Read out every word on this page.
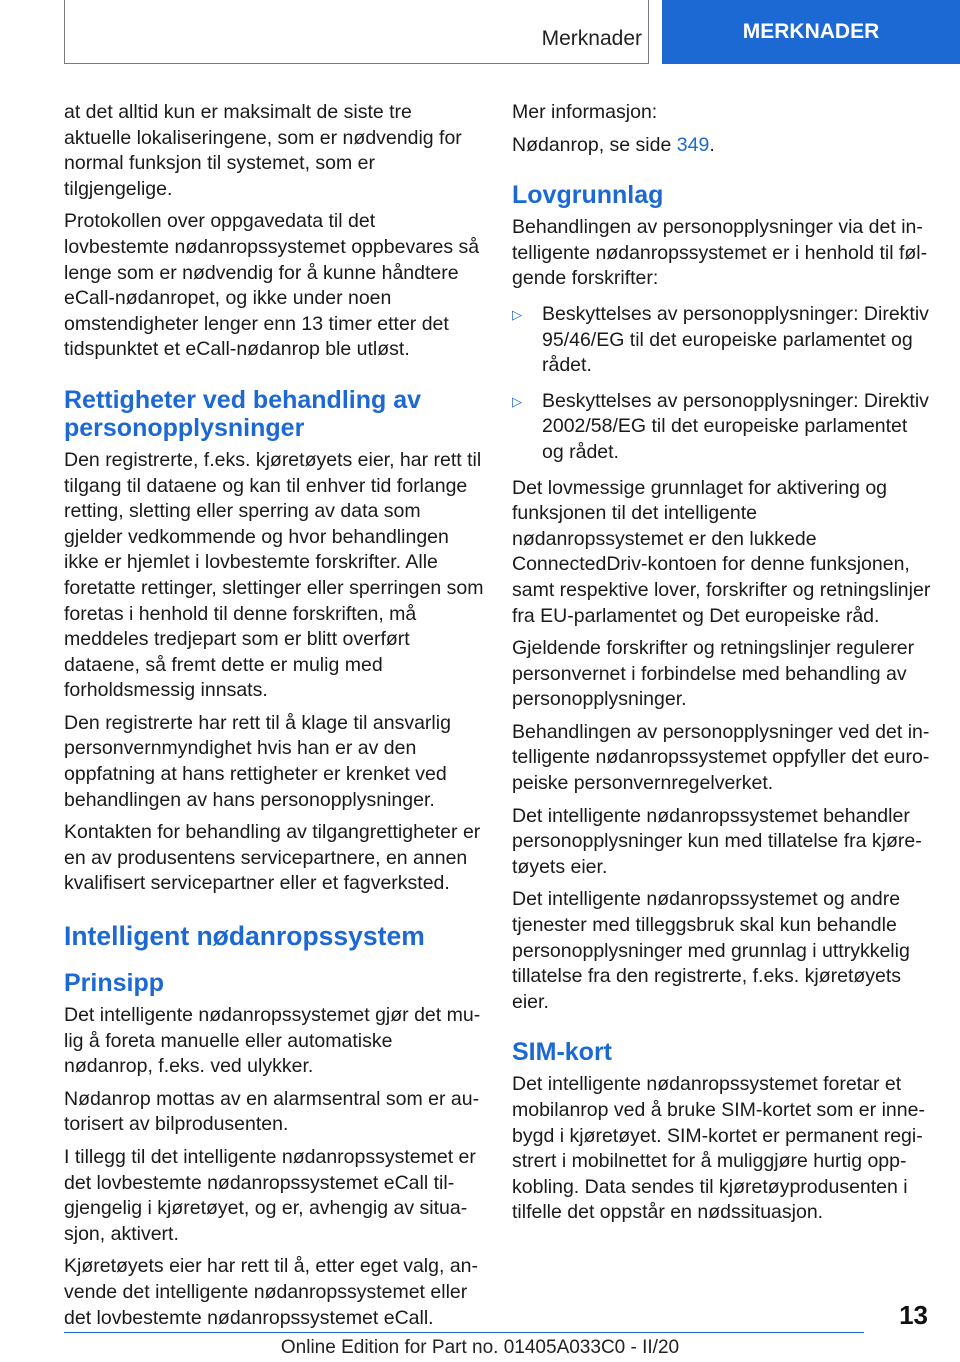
Merknader	MERKNADER

at det alltid kun er maksimalt de siste tre aktuelle lokaliseringene, som er nødvendig for normal funksjon til systemet, som er tilgjengelige.

Protokollen over oppgavedata til det lovbestemte nødanropssystemet oppbevares så lenge som er nødvendig for å kunne håndtere eCall-nødanropet, og ikke under noen omstendigheter lenger enn 13 timer etter det tidspunktet et eCall-nødanrop ble utløst.

Rettigheter ved behandling av personopplysninger

Den registrerte, f.eks. kjøretøyets eier, har rett til tilgang til dataene og kan til enhver tid forlange retting, sletting eller sperring av data som gjelder vedkommende og hvor behandlingen ikke er hjemlet i lovbestemte forskrifter. Alle foretatte rettinger, slettinger eller sperringen som foretas i henhold til denne forskriften, må meddeles tredjepart som er blitt overført dataene, så fremt dette er mulig med forholdsmessig innsats.

Den registrerte har rett til å klage til ansvarlig personvernmyndighet hvis han er av den oppfatning at hans rettigheter er krenket ved behandlingen av hans personopplysninger.

Kontakten for behandling av tilgangrettigheter er en av produsentens servicepartnere, en annen kvalifisert servicepartner eller et fagverksted.

Intelligent nødanropssystem
Prinsipp

Det intelligente nødanropssystemet gjør det mulig å foreta manuelle eller automatiske nødanrop, f.eks. ved ulykker.

Nødanrop mottas av en alarmsentral som er autorisert av bilprodusenten.

I tillegg til det intelligente nødanropssystemet er det lovbestemte nødanropssystemet eCall tilgjengelig i kjøretøyet, og er, avhengig av situasjon, aktivert.

Kjøretøyets eier har rett til å, etter eget valg, anvende det intelligente nødanropssystemet eller det lovbestemte nødanropssystemet eCall.

Mer informasjon:

Nødanrop, se side 349.

Lovgrunnlag

Behandlingen av personopplysninger via det intelligente nødanropssystemet er i henhold til følgende forskrifter:

▷ Beskyttelses av personopplysninger: Direktiv 95/46/EG til det europeiske parlamentet og rådet.
▷ Beskyttelses av personopplysninger: Direktiv 2002/58/EG til det europeiske parlamentet og rådet.

Det lovmessige grunnlaget for aktivering og funksjonen til det intelligente nødanropssystemet er den lukkede ConnectedDriv-kontoen for denne funksjonen, samt respektive lover, forskrifter og retningslinjer fra EU-parlamentet og Det europeiske råd.

Gjeldende forskrifter og retningslinjer regulerer personvernet i forbindelse med behandling av personopplysninger.

Behandlingen av personopplysninger ved det intelligente nødanropssystemet oppfyller det europeiske personvernregelverket.

Det intelligente nødanropssystemet behandler personopplysninger kun med tillatelse fra kjøretøyets eier.

Det intelligente nødanropssystemet og andre tjenester med tilleggsbruk skal kun behandle personopplysninger med grunnlag i uttrykkelig tillatelse fra den registrerte, f.eks. kjøretøyets eier.

SIM-kort

Det intelligente nødanropssystemet foretar et mobilanrop ved å bruke SIM-kortet som er innebygd i kjøretøyet. SIM-kortet er permanent registrert i mobilnettet for å muliggjøre hurtig oppkobling. Data sendes til kjøretøyprodusenten i tilfelle det oppstår en nødssituasjon.

13
Online Edition for Part no. 01405A033C0 - II/20
